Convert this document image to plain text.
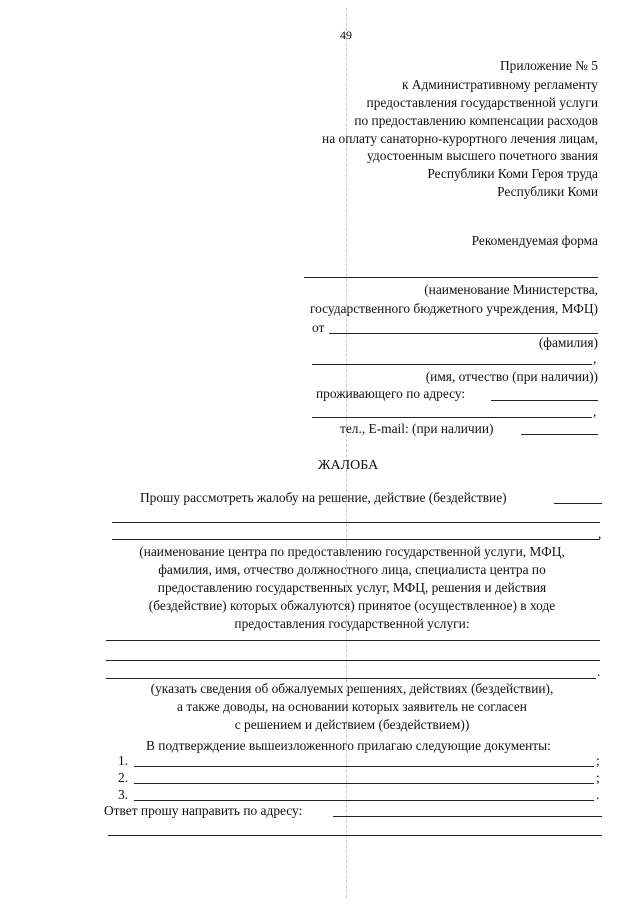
49
Приложение № 5
к Административному регламенту
предоставления государственной услуги
по предоставлению компенсации расходов
на оплату санаторно-курортного лечения лицам,
удостоенным высшего почетного звания
Республики Коми Героя труда
Республики Коми
Рекомендуемая форма
(наименование Министерства,
государственного бюджетного учреждения, МФЦ)
от
(фамилия)
,
(имя, отчество (при наличии))
проживающего по адресу:
,
тел., E-mail: (при наличии)
ЖАЛОБА
Прошу рассмотреть жалобу на решение, действие (бездействие)
,
(наименование центра по предоставлению государственной услуги, МФЦ,
фамилия, имя, отчество должностного лица, специалиста центра по
предоставлению государственных услуг, МФЦ, решения и действия
(бездействие) которых обжалуются) принятое (осуществленное) в ходе
предоставления государственной услуги:
.
(указать сведения об обжалуемых решениях, действиях (бездействии),
а также доводы, на основании которых заявитель не согласен
с решением и действием (бездействием))
В подтверждение вышеизложенного прилагаю следующие документы:
1.	;
2.	;
3.	.
Ответ прошу направить по адресу:
